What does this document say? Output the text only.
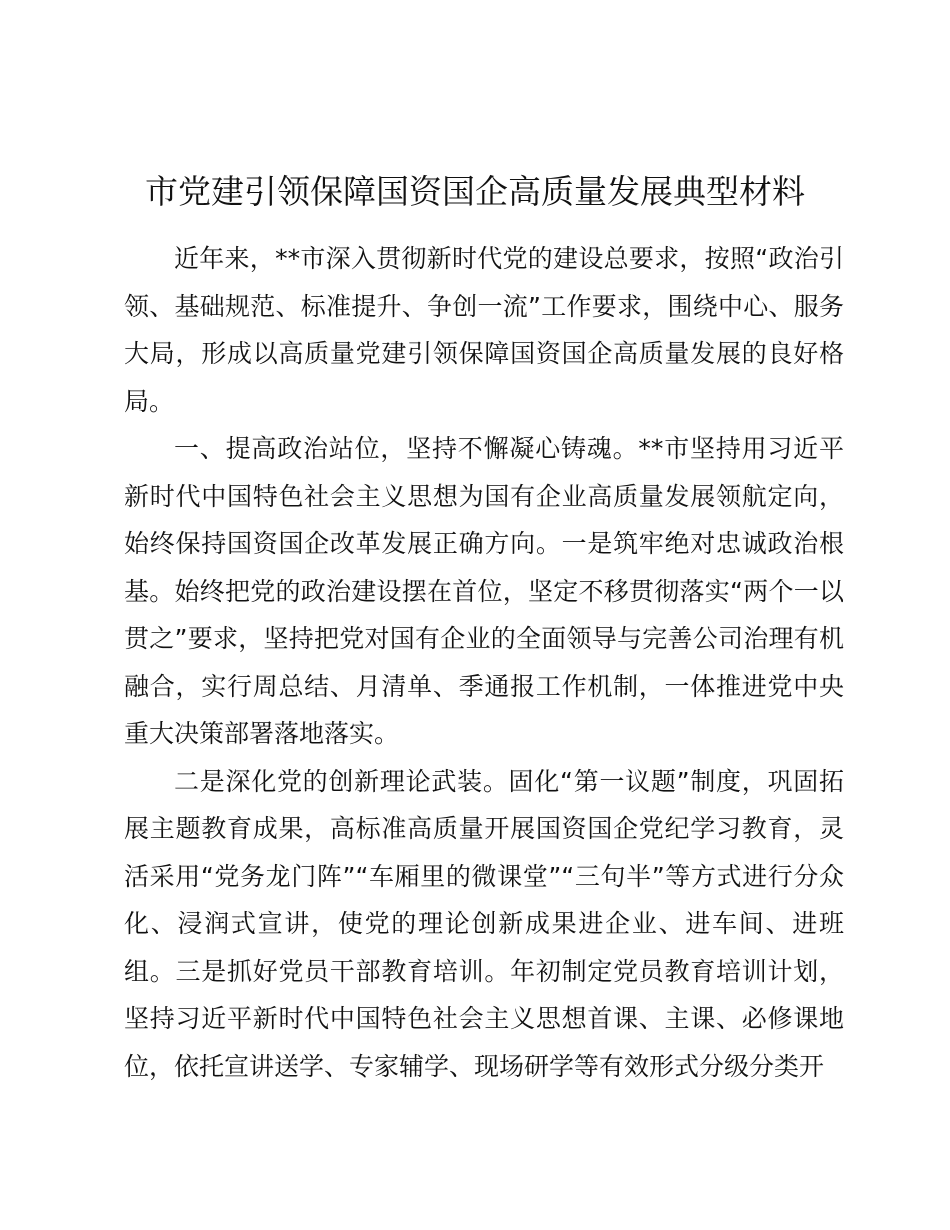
市党建引领保障国资国企高质量发展典型材料

近年来，**市深入贯彻新时代党的建设总要求，按照“政治引领、基础规范、标准提升、争创一流”工作要求，围绕中心、服务大局，形成以高质量党建引领保障国资国企高质量发展的良好格局。

一、提高政治站位，坚持不懈凝心铸魂。**市坚持用习近平新时代中国特色社会主义思想为国有企业高质量发展领航定向，始终保持国资国企改革发展正确方向。一是筑牢绝对忠诚政治根基。始终把党的政治建设摆在首位，坚定不移贯彻落实“两个一以贯之”要求，坚持把党对国有企业的全面领导与完善公司治理有机融合，实行周总结、月清单、季通报工作机制，一体推进党中央重大决策部署落地落实。

二是深化党的创新理论武装。固化“第一议题”制度，巩固拓展主题教育成果，高标准高质量开展国资国企党纪学习教育，灵活采用“党务龙门阵”“车厢里的微课堂”“三句半”等方式进行分众化、浸润式宣讲，使党的理论创新成果进企业、进车间、进班组。三是抓好党员干部教育培训。年初制定党员教育培训计划，坚持习近平新时代中国特色社会主义思想首课、主课、必修课地位，依托宣讲送学、专家辅学、现场研学等有效形式分级分类开
